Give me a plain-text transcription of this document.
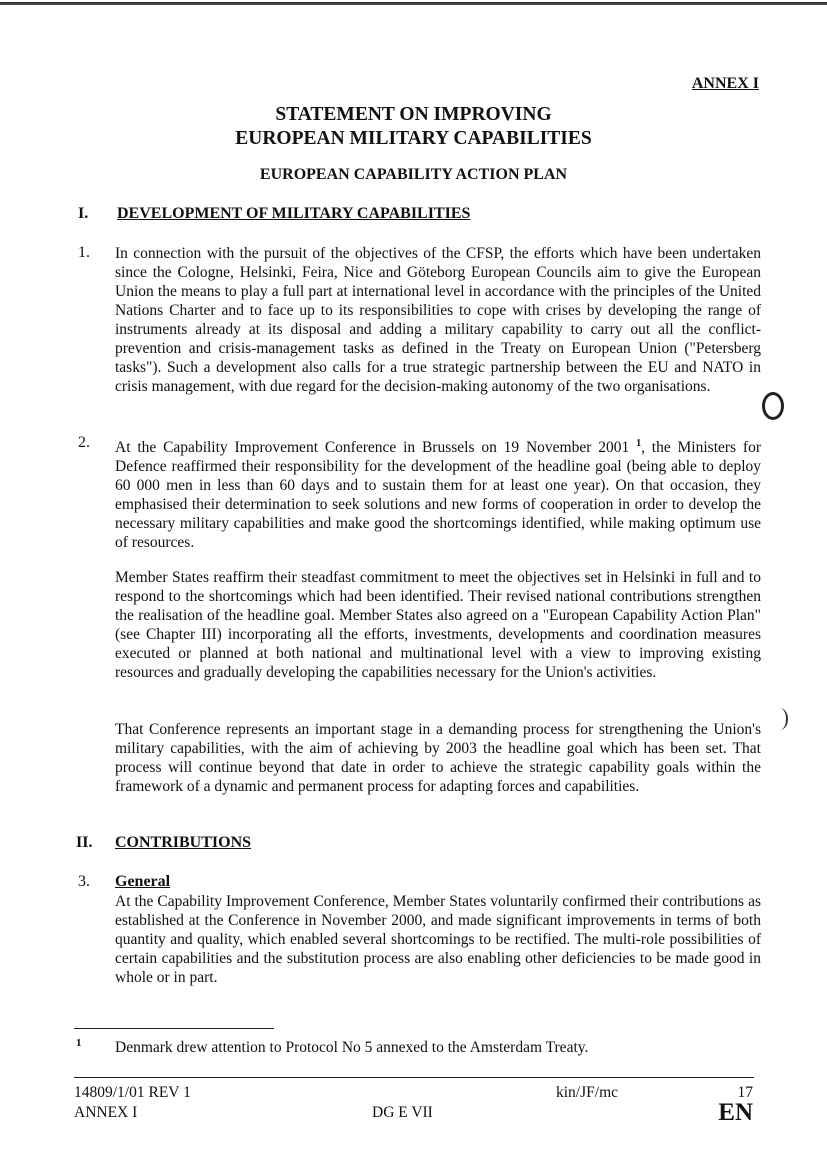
ANNEX I
STATEMENT ON IMPROVING
EUROPEAN MILITARY CAPABILITIES
EUROPEAN CAPABILITY ACTION PLAN
I. DEVELOPMENT OF MILITARY CAPABILITIES
1. In connection with the pursuit of the objectives of the CFSP, the efforts which have been undertaken since the Cologne, Helsinki, Feira, Nice and Göteborg European Councils aim to give the European Union the means to play a full part at international level in accordance with the principles of the United Nations Charter and to face up to its responsibilities to cope with crises by developing the range of instruments already at its disposal and adding a military capability to carry out all the conflict-prevention and crisis-management tasks as defined in the Treaty on European Union ("Petersberg tasks"). Such a development also calls for a true strategic partnership between the EU and NATO in crisis management, with due regard for the decision-making autonomy of the two organisations.
2. At the Capability Improvement Conference in Brussels on 19 November 2001 $^1$, the Ministers for Defence reaffirmed their responsibility for the development of the headline goal (being able to deploy 60 000 men in less than 60 days and to sustain them for at least one year). On that occasion, they emphasised their determination to seek solutions and new forms of cooperation in order to develop the necessary military capabilities and make good the shortcomings identified, while making optimum use of resources.
Member States reaffirm their steadfast commitment to meet the objectives set in Helsinki in full and to respond to the shortcomings which had been identified. Their revised national contributions strengthen the realisation of the headline goal. Member States also agreed on a "European Capability Action Plan" (see Chapter III) incorporating all the efforts, investments, developments and coordination measures executed or planned at both national and multinational level with a view to improving existing resources and gradually developing the capabilities necessary for the Union's activities.
That Conference represents an important stage in a demanding process for strengthening the Union's military capabilities, with the aim of achieving by 2003 the headline goal which has been set. That process will continue beyond that date in order to achieve the strategic capability goals within the framework of a dynamic and permanent process for adapting forces and capabilities.
II. CONTRIBUTIONS
3. General
At the Capability Improvement Conference, Member States voluntarily confirmed their contributions as established at the Conference in November 2000, and made significant improvements in terms of both quantity and quality, which enabled several shortcomings to be rectified. The multi-role possibilities of certain capabilities and the substitution process are also enabling other deficiencies to be made good in whole or in part.
1 Denmark drew attention to Protocol No 5 annexed to the Amsterdam Treaty.
14809/1/01 REV 1
ANNEX I	DG E VII
kin/JF/mc	17
EN
